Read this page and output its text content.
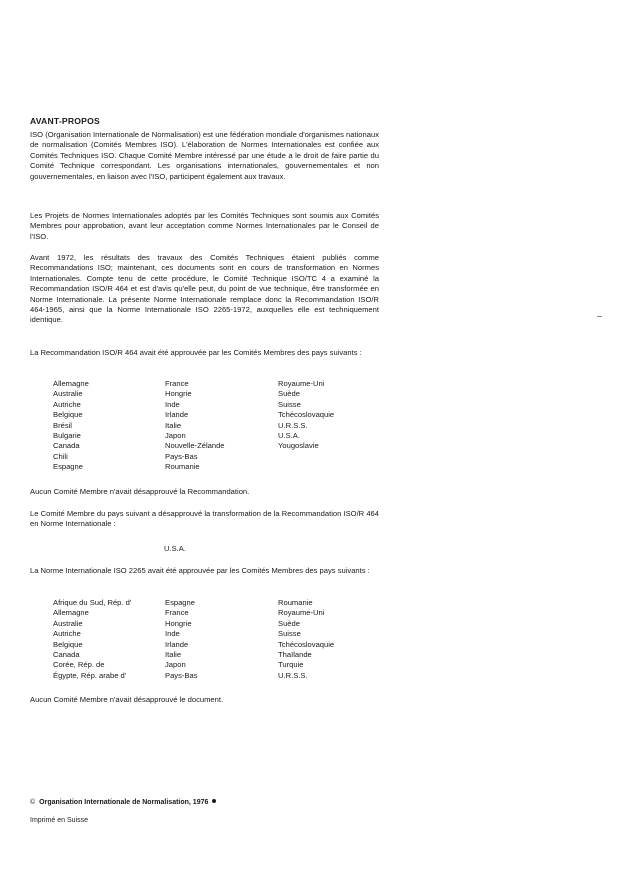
AVANT-PROPOS

ISO (Organisation Internationale de Normalisation) est une fédération mondiale d'organismes nationaux de normalisation (Comités Membres ISO). L'élaboration de Normes Internationales est confiée aux Comités Techniques ISO. Chaque Comité Membre intéressé par une étude a le droit de faire partie du Comité Technique correspondant. Les organisations internationales, gouvernementales et non gouvernementales, en liaison avec l'ISO, participent également aux travaux.

Les Projets de Normes Internationales adoptés par les Comités Techniques sont soumis aux Comités Membres pour approbation, avant leur acceptation comme Normes Internationales par le Conseil de l'ISO.

Avant 1972, les résultats des travaux des Comités Techniques étaient publiés comme Recommandations ISO; maintenant, ces documents sont en cours de transformation en Normes Internationales. Compte tenu de cette procédure, le Comité Technique ISO/TC 4 a examiné la Recommandation ISO/R 464 et est d'avis qu'elle peut, du point de vue technique, être transformée en Norme Internationale. La présente Norme Internationale remplace donc la Recommandation ISO/R 464-1965, ainsi que la Norme Internationale ISO 2265-1972, auxquelles elle est techniquement identique.

La Recommandation ISO/R 464 avait été approuvée par les Comités Membres des pays suivants :

Allemagne
Australie
Autriche
Belgique
Brésil
Bulgarie
Canada
Chili
Espagne
France
Hongrie
Inde
Irlande
Italie
Japon
Nouvelle-Zélande
Pays-Bas
Roumanie
Royaume-Uni
Suède
Suisse
Tchécoslovaquie
U.R.S.S.
U.S.A.
Yougoslavie
Aucun Comité Membre n'avait désapprouvé la Recommandation.

Le Comité Membre du pays suivant a désapprouvé la transformation de la Recommandation ISO/R 464 en Norme Internationale :

U.S.A.

La Norme Internationale ISO 2265 avait été approuvée par les Comités Membres des pays suivants :

Afrique du Sud, Rép. d'
Allemagne
Australie
Autriche
Belgique
Canada
Corée, Rép. de
Égypte, Rép. arabe d'
Espagne
France
Hongrie
Inde
Irlande
Italie
Japon
Pays-Bas
Roumanie
Royaume-Uni
Suède
Suisse
Tchécoslovaquie
Thaïlande
Turquie
U.R.S.S.
Aucun Comité Membre n'avait désapprouvé le document.
© Organisation Internationale de Normalisation, 1976
Imprimé en Suisse
